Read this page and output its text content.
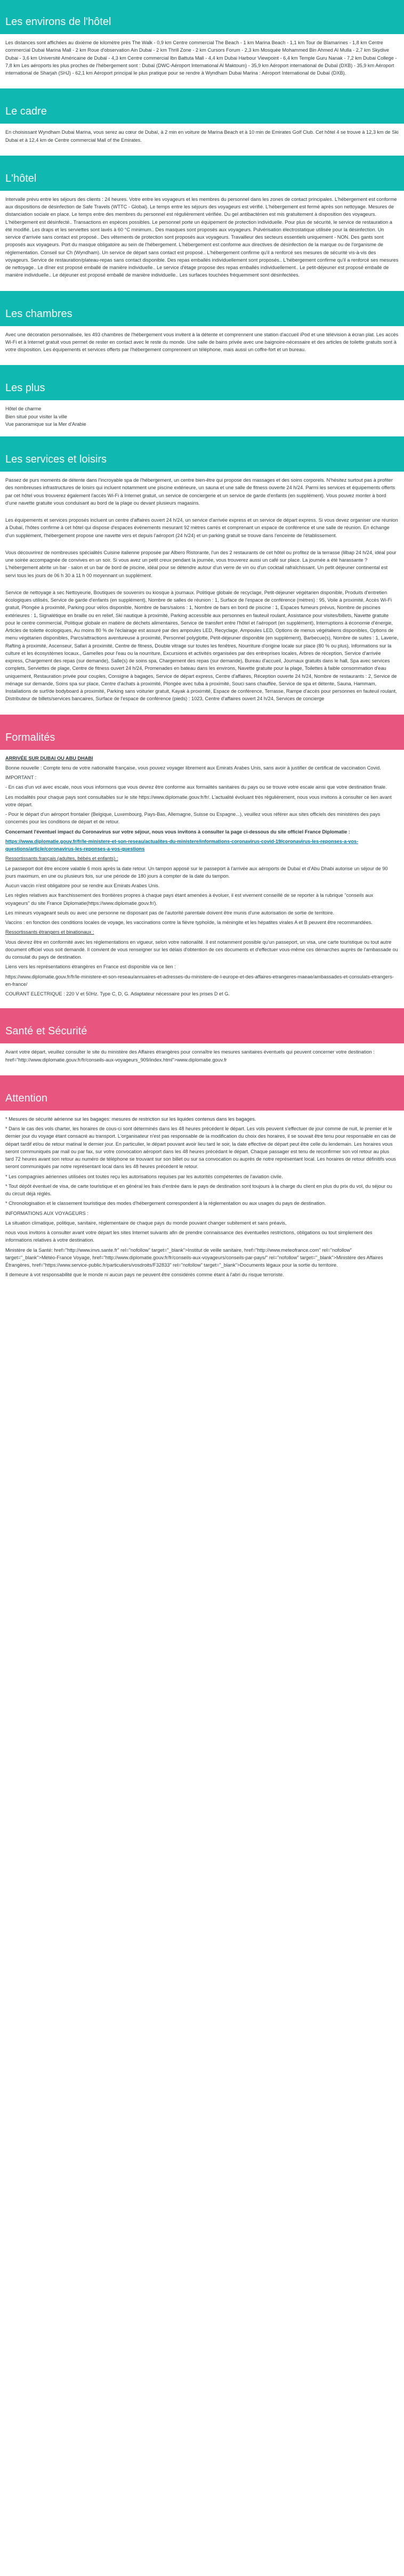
Les environs de l'hôtel

Les distances sont affichées au dixième de kilomètre près The Walk - 0,9 km Centre commercial The Beach - 1 km Marina Beach - 1,1 km Tour de Blamarines - 1,8 km Centre commercial Dubai Marina Mall - 2 km Roue d'observation Ain Dubai - 2 km Thrill Zone - 2 km Cursors Forum - 2,3 km Mosquée Mohammed Bin Ahmed Al Mulla - 2,7 km Skydive Dubai - 3,6 km Université Américaine de Dubaï - 4,3 km Centre commercial Ibn Battuta Mall - 4,4 km Dubai Harbour Viewpoint - 6,4 km Temple Guru Nanak - 7,2 km Dubai College - 7,8 km Les aéroports les plus proches de l'hébergement sont : Dubaï (DWC-Aéroport International Al Maktoum) - 35,9 km Aéroport international de Dubaï (DXB) - 35,9 km Aéroport international de Sharjah (SHJ) - 62,1 km Aéroport principal le plus pratique pour se rendre à Wyndham Dubai Marina : Aéroport International de Dubaï (DXB).

Le cadre

En choisissant Wyndham Dubai Marina, vous serez au cœur de Dubaï, à 2 min en voiture de Marina Beach et à 10 min de Emirates Golf Club. Cet hôtel 4 se trouve à 12,3 km de Ski Dubai et à 12,4 km de Centre commercial Mall of the Emirates.

L'hôtel

Intervalle prévu entre les séjours des clients : 24 heures. Votre entre les voyageurs et les membres du personnel dans les zones de contact principales. L'hébergement est conforme aux dispositions de désinfection de Safe Travels (WTTC - Global). Le temps entre les séjours des voyageurs est vérifié. L'hébergement est fermé après son nettoyage. Mesures de distanciation sociale en place. Le temps entre des membres du personnel est régulièrement vérifiée. Du gel antibactérien est mis gratuitement à disposition des voyageurs. L'hébergement est désinfecté.. Transactions en espèces possibles. Le personnel porte un équipement de protection individuelle. Pour plus de sécurité, le service de restauration a été modifié. Les draps et les serviettes sont lavés à 60 °C minimum.. Des masques sont proposés aux voyageurs. Pulvérisation électrostatique utilisée pour la désinfection. Un service d'arrivée sans contact est proposé.. Des vêtements de protection sont proposés aux voyageurs. Travailleur des secteurs essentiels uniquement - NON. Des gants sont proposés aux voyageurs. Port du masque obligatoire au sein de l'hébergement. L'hébergement est conforme aux directives de désinfection de la marque ou de l'organisme de réglementation. Conseil sur Ch (Wyndham). Un service de départ sans contact est proposé.. L'hébergement confirme qu'il a renforcé ses mesures de sécurité vis-à-vis des voyageurs. Service de restauration/plateau-repas sans contact disponible. Des repas emballés individuellement sont proposés.. L'hébergement confirme qu'il a renforcé ses mesures de nettoyage.. Le dîner est proposé emballé de manière individuelle.. Le service d'étage propose des repas emballés individuellement.. Le petit-déjeuner est proposé emballé de manière individuelle.. Le déjeuner est proposé emballé de manière individuelle.. Les surfaces touchées fréquemment sont désinfectées.

Les chambres

Avec une décoration personnalisée, les 493 chambres de l'hébergement vous invitent à la détente et comprennent une station d'accueil iPod et une télévision à écran plat. Les accès Wi-Fi et à Internet gratuit vous permet de rester en contact avec le reste du monde. Une salle de bains privée avec une baignoire-nécessaire et des articles de toilette gratuits sont à votre disposition. Les équipements et services offerts par l'hébergement comprennent un téléphone, mais aussi un coffre-fort et un bureau.

Les plus
Hôtel de charme
Bien situé pour visiter la ville
Vue panoramique sur la Mer d'Arabie
Les services et loisirs

Passez de purs moments de détente dans l'incroyable spa de l'hébergement, un centre bien-être qui propose des massages et des soins corporels. N'hésitez surtout pas à profiter des nombreuses infrastructures de loisirs qui incluent notamment une piscine extérieure, un sauna et une salle de fitness ouverte 24 h/24. Parmi les services et équipements offerts par cet hôtel vous trouverez également l'accès Wi-Fi à Internet gratuit, un service de conciergerie et un service de garde d'enfants (en supplément). Vous pouvez monter à bord d'une navette gratuite vous conduisant au bord de la plage ou devant plusieurs magasins.

Les équipements et services proposés incluent un centre d'affaires ouvert 24 h/24, un service d'arrivée express et un service de départ express. Si vous devez organiser une réunion à Dubaï, l'hôtes confirme à cet hôtel qui dispose d'espaces événements mesurant 92 mètres carrés et comprenant un espace de conférence et une salle de réunion. En échange d'un supplément, l'hébergement propose une navette vers et depuis l'aéroport (24 h/24) et un parking gratuit se trouve dans l'enceinte de l'établissement.

Vous découvrirez de nombreuses spécialités Cuisine italienne proposée par Albero Ristorante, l'un des 2 restaurants de cet hôtel ou profitez de la terrasse (lilbap 24 h/24, idéal pour une soirée accompagnée de convives en un soir. Si vous avez un petit creux pendant la journée, vous trouverez aussi un café sur place. La journée a été harassante ? L'hébergement abrite un bar - salon et un bar de bord de piscine, idéal pour se détendre autour d'un verre de vin ou d'un cocktail rafraîchissant. Un petit déjeuner continental est servi tous les jours de 06 h 30 à 11 h 00 moyennant un supplément.

Service de nettoyage à sec Nettoyeurie, Boutiques de souvenirs ou kiosque à journaux. Politique globale de recyclage, Petit-déjeuner végétarien disponible, Produits d'entretien écologiques utilisés, Service de garde d'enfants (en supplément), Nombre de salles de réunion : 1, Surface de l'espace de conférence (mètres) : 95, Voile à proximité, Accès Wi-Fi gratuit, Plongée à proximité, Parking pour vélos disponible, Nombre de bars/salons : 1, Nombre de bars en bord de piscine : 1, Espaces fumeurs prévus, Nombre de piscines extérieures : 1, Signalétique en braille ou en relief, Ski nautique à proximité, Parking accessible aux personnes en fauteuil roulant, Assistance pour visites/billets, Navette gratuite pour le centre commercial, Politique globale en matière de déchets alimentaires, Service de transfert entre l'hôtel et l'aéroport (en supplément), Interruptions à économie d'énergie, Articles de toilette écologiques, Au moins 80 % de l'éclairage est assuré par des ampoules LED, Recyclage, Ampoules LED, Options de menus végétaliens disponibles, Options de menu végétarien disponibles, Parcs/attractions aventureuse à proximité, Personnel polyglotte, Petit-déjeuner disponible (en supplément), Barbecue(s), Nombre de suites : 1, Laverie, Rafting à proximité, Ascenseur, Safari à proximité, Centre de fitness, Double vitrage sur toutes les fenêtres, Nourriture d'origine locale sur place (80 % ou plus), Informations sur la culture et les écosystèmes locaux., Gamelles pour l'eau ou la nourriture, Excursions et activités organisées par des entreprises locales, Arbres de réception, Service d'arrivée express, Chargement des repas (sur demande), Salle(s) de soins spa, Chargement des repas (sur demande), Bureau d'accueil, Journaux gratuits dans le hall, Spa avec services complets, Serviettes de plage, Centre de fitness ouvert 24 h/24, Promenades en bateau dans les environs, Navette gratuite pour la plage, Toilettes à faible consommation d'eau uniquement, Restauration privée pour couples, Consigne à bagages, Service de départ express, Centre d'affaires, Réception ouverte 24 h/24, Nombre de restaurants : 2, Service de ménage sur demande, Soins spa sur place, Centre d'achats à proximité, Plongée avec tuba à proximité, Souci sans chauffée, Service de spa et détente, Sauna, Hammam, Installations de surf/de bodyboard à proximité, Parking sans voiturier gratuit, Kayak à proximité, Espace de conférence, Terrasse, Rampe d'accès pour personnes en fauteuil roulant, Distributeur de billets/services bancaires, Surface de l'espace de conférence (pieds) : 1023, Centre d'affaires ouvert 24 h/24, Services de concierge

Formalités

ARRIVÉE SUR DUBAI OU ABU DHABI

Bonne nouvelle : Compte tenu de votre nationalité française, vous pouvez voyager librement aux Emirats Arabes Unis, sans avoir à justifier de certificat de vaccination Covid.

IMPORTANT :

- En cas d'un vol avec escale, nous vous informons que vous devrez être conforme aux formalités sanitaires du pays ou se trouve votre escale ainsi que votre destination finale.

Les modalités pour chaque pays sont consultables sur le site https://www.diplomatie.gouv.fr/fr/. L'actualité évoluant très régulièrement, nous vous invitons à consulter ce lien avant votre départ.

- Pour le départ d'un aéroport frontalier (Belgique, Luxembourg, Pays-Bas, Allemagne, Suisse ou Espagne...), veuillez vous référer aux sites officiels des ministères des pays concernés pour les conditions de départ et de retour.

Concernant l'éventuel impact du Coronavirus sur votre séjour, nous vous invitons à consulter la page ci-dessous du site officiel France Diplomatie :

https://www.diplomatie.gouv.fr/fr/le-ministere-et-son-reseau/actualites-du-ministere/informations-coronavirus-covid-19/coronavirus-les-reponses-a-vos-questions/article/coronavirus-les-reponses-a-vos-questions

Ressortissants français (adultes, bébés et enfants) :

Le passeport doit être encore valable 6 mois après la date retour. Un tampon apposé sur le passeport à l'arrivée aux aéroports de Dubaï et d'Abu Dhabi autorise un séjour de 90 jours maximum, en une ou plusieurs fois, sur une période de 180 jours à compter de la date du tampon.

Aucun vaccin n'est obligatoire pour se rendre aux Emirats Arabes Unis.

Les règles relatives aux franchissement des frontières propres à chaque pays étant amenées à évoluer, il est vivement conseillé de se reporter à la rubrique "conseils aux voyageurs" du site France Diplomatie(https://www.diplomatie.gouv.fr/).

Les mineurs voyageant seuls ou avec une personne ne disposant pas de l'autorité parentale doivent être munis d'une autorisation de sortie de territoire.

Vaccins : en fonction des conditions locales de voyage, les vaccinations contre la fièvre typhoïde, la méningite et les hépatites virales A et B peuvent être recommandées.

Ressortissants étrangers et binationaux :

Vous devrez être en conformité avec les réglementations en vigueur, selon votre nationalité. Il est notamment possible qu'un passeport, un visa, une carte touristique ou tout autre document officiel vous soit demandé. Il convient de vous renseigner sur les délais d'obtention de ces documents et d'effectuer vous-même ces démarches auprès de l'ambassade ou du consulat du pays de destination.

Liens vers les représentations étrangères en France est disponible via ce lien :

https://www.diplomatie.gouv.fr/fr/le-ministere-et-son-reseau/annuaires-et-adresses-du-ministere-de-l-europe-et-des-affaires-etrangeres-maeae/ambassades-et-consulats-etrangers-en-france/

COURANT ELECTRIQUE : 220 V et 50Hz. Type C, D, G. Adaptateur nécessaire pour les prises D et G.

Santé et Sécurité

Avant votre départ, veuillez consulter le site du ministère des Affaires étrangères pour connaître les mesures sanitaires éventuels qui peuvent concerner votre destination : href="http://www.diplomatie.gouv.fr/fr/conseils-aux-voyageurs_909/index.html">www.diplomatie.gouv.fr

Attention

* Mesures de sécurité aérienne sur les bagages: mesures de restriction sur les liquides contenus dans les bagages.

* Dans le cas des vols charter, les horaires de cous-ci sont déterminés dans les 48 heures précédent le départ. Les vols peuvent s'effectuer de jour comme de nuit, le premier et le dernier jour du voyage étant consacré au transport. L'organisateur n'est pas responsable de la modification du choix des horaires, il se souvait être tenu pour responsable en cas de départ tardif et/ou de retour matinal le dernier jour. En particulier, le départ pouvant avoir lieu tard le soir, la date effective de départ peut être celle du lendemain. Les horaires vous seront communiqués par mail ou par fax, sur votre convocation aéroport dans les 48 heures précédant le départ. Chaque passager est tenu de reconfirmer son vol retour au plus tard 72 heures avant son retour au numéro de téléphone se trouvant sur son billet ou sur sa convocation ou auprès de notre représentant local. Les horaires de retour définitifs vous seront communiqués par notre représentant local dans les 48 heures précédent le retour.

* Les compagnies aériennes utilisées ont toutes reçu les autorisations requises par les autorités compétentes de l'aviation civile.

* Tout dépôt éventuel de visa, de carte touristique et en général les frais d'entrée dans le pays de destination sont toujours à la charge du client en plus du prix du vol, du séjour ou du circuit déjà réglés.

* Chronologisation et le classement touristique des modes d'hébergement correspondent à la réglementation ou aux usages du pays de destination.

INFORMATIONS AUX VOYAGEURS :

La situation climatique, politique, sanitaire, réglementaire de chaque pays du monde pouvant changer subitement et sans préavis,

nous vous invitons à consulter avant votre départ les sites Internet suivants afin de prendre connaissance des éventuelles restrictions, obligations ou tout simplement des informations relatives à votre destination.

Ministère de la Santé: href="http://www.invs.sante.fr" rel="nofollow" target="_blank">Institut de veille sanitaire, href="http://www.meteofrance.com" rel="nofollow" target="_blank">Météo-France Voyage, href="http://www.diplomatie.gouv.fr/fr/conseils-aux-voyageurs/conseils-par-pays/" rel="nofollow" target="_blank">Ministère des Affaires Étrangères, href="https://www.service-public.fr/particuliers/vosdroits/F32833" rel="nofollow" target="_blank">Documents légaux pour la sortie du territoire.

Il demeure à vot responsabilité que le monde ni aucun pays ne peuvent être considérés comme étant à l'abri du risque terroriste.
